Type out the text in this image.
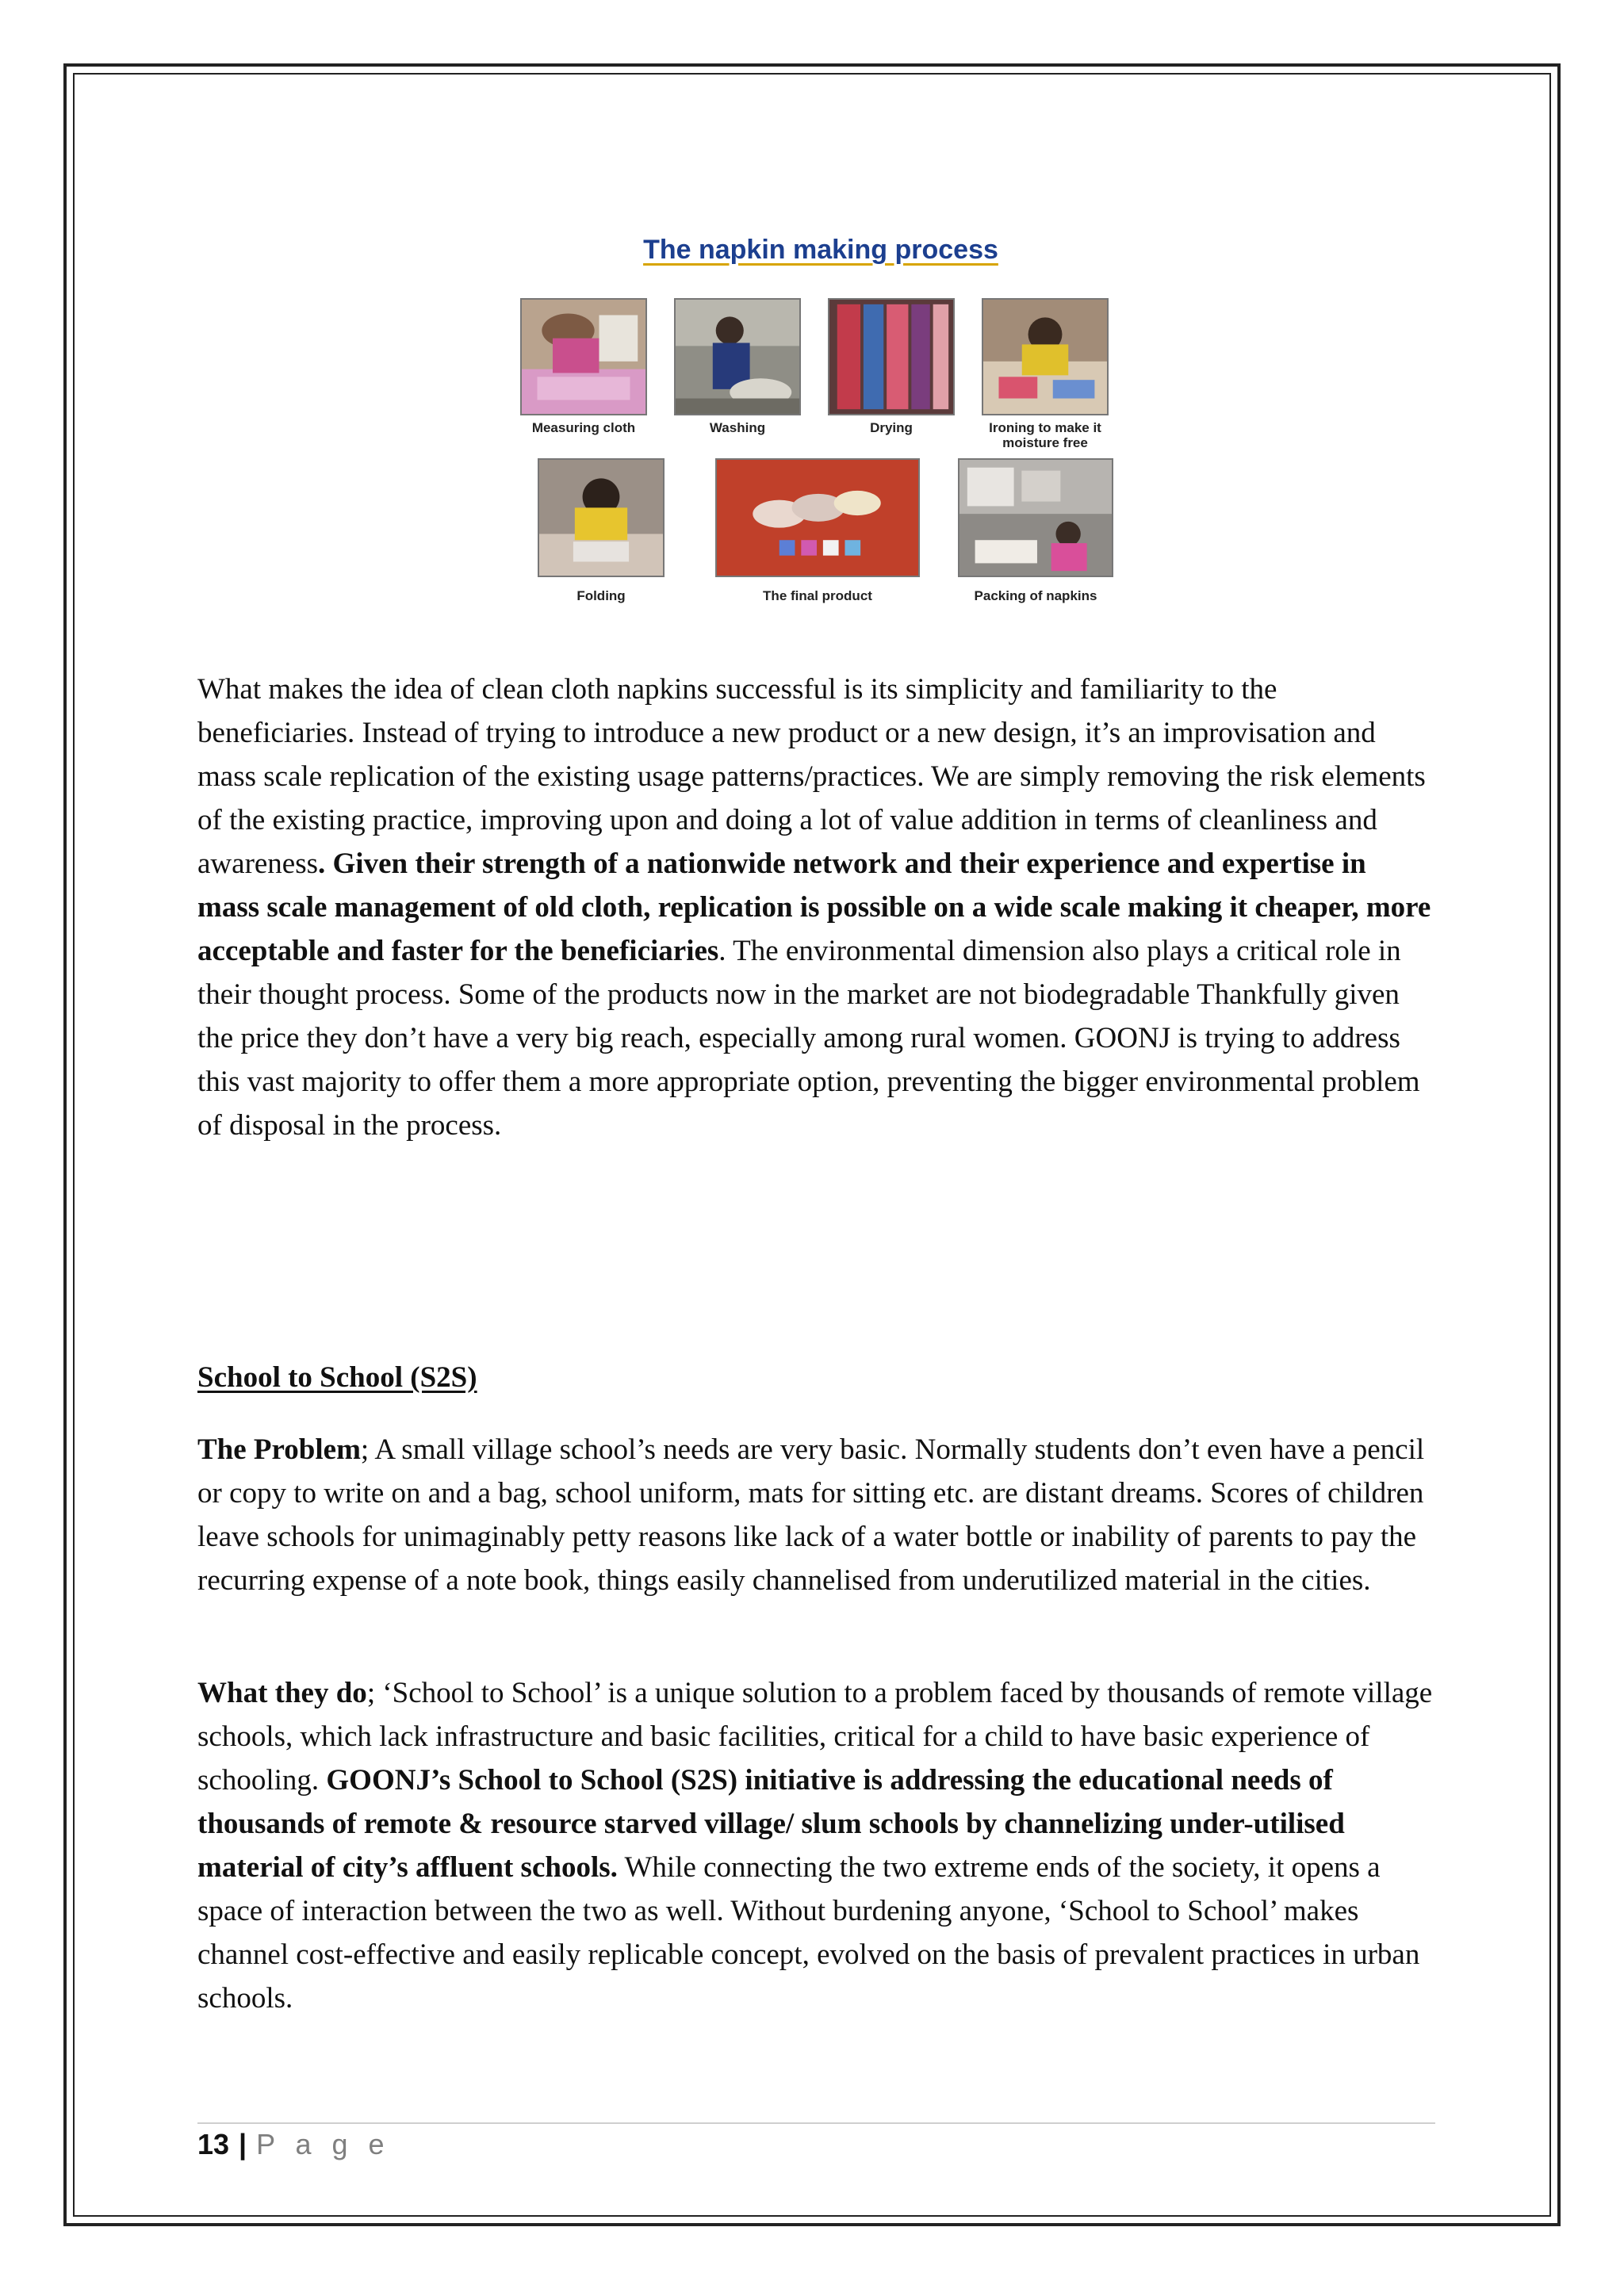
The napkin making process
Measuring cloth	Washing	Drying	Ironing to make it moisture free
Folding	The final product	Packing of napkins

What makes the idea of clean cloth napkins successful is its simplicity and familiarity to the beneficiaries. Instead of trying to introduce a new product or a new design, it’s an improvisation and mass scale replication of the existing usage patterns/practices. We are simply removing the risk elements of the existing practice, improving upon and doing a lot of value addition in terms of cleanliness and awareness. Given their strength of a nationwide network and their experience and expertise in mass scale management of old cloth, replication is possible on a wide scale making it cheaper, more acceptable and faster for the beneficiaries. The environmental dimension also plays a critical role in their thought process. Some of the products now in the market are not biodegradable Thankfully given the price they don’t have a very big reach, especially among rural women. GOONJ is trying to address this vast majority to offer them a more appropriate option, preventing the bigger environmental problem of disposal in the process.

School to School (S2S)

The Problem; A small village school’s needs are very basic. Normally students don’t even have a pencil or copy to write on and a bag, school uniform, mats for sitting etc. are distant dreams. Scores of children leave schools for unimaginably petty reasons like lack of a water bottle or inability of parents to pay the recurring expense of a note book, things easily channelised from underutilized material in the cities.

What they do; ‘School to School’ is a unique solution to a problem faced by thousands of remote village schools, which lack infrastructure and basic facilities, critical for a child to have basic experience of schooling. GOONJ’s School to School (S2S) initiative is addressing the educational needs of thousands of remote & resource starved village/ slum schools by channelizing under-utilised material of city’s affluent schools. While connecting the two extreme ends of the society, it opens a space of interaction between the two as well. Without burdening anyone, ‘School to School’ makes channel cost-effective and easily replicable concept, evolved on the basis of prevalent practices in urban schools.

13 | P a g e
